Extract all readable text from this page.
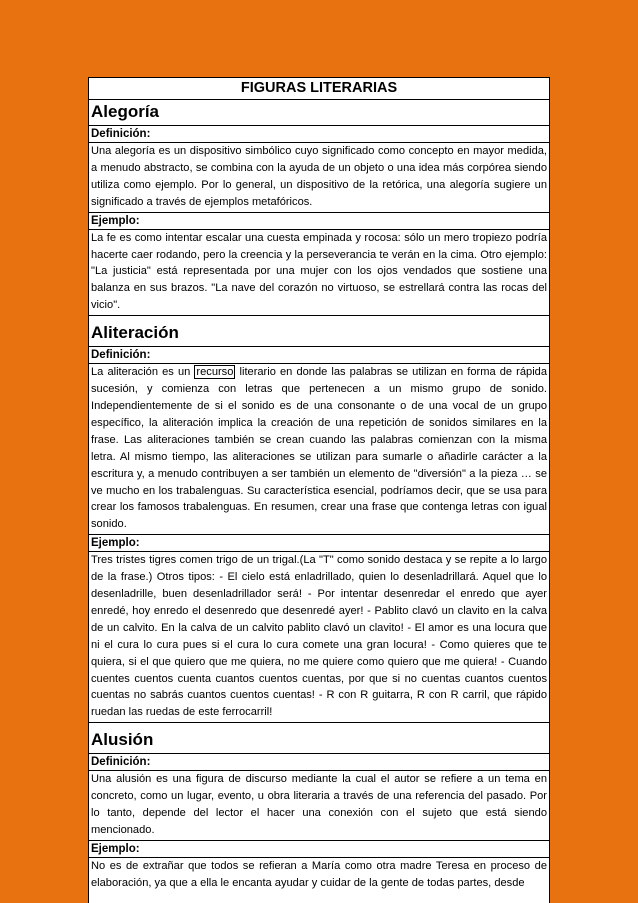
FIGURAS LITERARIAS
Alegoría
Definición:
Una alegoría es un dispositivo simbólico cuyo significado como concepto en mayor medida, a menudo abstracto, se combina con la ayuda de un objeto o una idea más corpórea siendo utiliza como ejemplo. Por lo general, un dispositivo de la retórica, una alegoría sugiere un significado a través de ejemplos metafóricos.
Ejemplo:
La fe es como intentar escalar una cuesta empinada y rocosa: sólo un mero tropiezo podría hacerte caer rodando, pero la creencia y la perseverancia te verán en la cima. Otro ejemplo: "La justicia" está representada por una mujer con los ojos vendados que sostiene una balanza en sus brazos. "La nave del corazón no virtuoso, se estrellará contra las rocas del vicio".
Aliteración
Definición:
La aliteración es un recurso literario en donde las palabras se utilizan en forma de rápida sucesión, y comienza con letras que pertenecen a un mismo grupo de sonido. Independientemente de si el sonido es de una consonante o de una vocal de un grupo específico, la aliteración implica la creación de una repetición de sonidos similares en la frase. Las aliteraciones también se crean cuando las palabras comienzan con la misma letra. Al mismo tiempo, las aliteraciones se utilizan para sumarle o añadirle carácter a la escritura y, a menudo contribuyen a ser también un elemento de "diversión" a la pieza … se ve mucho en los trabalenguas. Su característica esencial, podríamos decir, que se usa para crear los famosos trabalenguas. En resumen, crear una frase que contenga letras con igual sonido.
Ejemplo:
Tres tristes tigres comen trigo de un trigal.(La "T" como sonido destaca y se repite a lo largo de la frase.) Otros tipos: - El cielo está enladrillado, quien lo desenladrillará. Aquel que lo desenladrille, buen desenladrillador será! - Por intentar desenredar el enredo que ayer enredé, hoy enredo el desenredo que desenredé ayer! - Pablito clavó un clavito en la calva de un calvito. En la calva de un calvito pablito clavó un clavito! - El amor es una locura que ni el cura lo cura pues si el cura lo cura comete una gran locura! - Como quieres que te quiera, si el que quiero que me quiera, no me quiere como quiero que me quiera! - Cuando cuentes cuentos cuenta cuantos cuentos cuentas, por que si no cuentas cuantos cuentos cuentas no sabrás cuantos cuentos cuentas! - R con R guitarra, R con R carril, que rápido ruedan las ruedas de este ferrocarril!
Alusión
Definición:
Una alusión es una figura de discurso mediante la cual el autor se refiere a un tema en concreto, como un lugar, evento, u obra literaria a través de una referencia del pasado. Por lo tanto, depende del lector el hacer una conexión con el sujeto que está siendo mencionado.
Ejemplo:
No es de extrañar que todos se refieran a María como otra madre Teresa en proceso de elaboración, ya que a ella le encanta ayudar y cuidar de la gente de todas partes, desde
